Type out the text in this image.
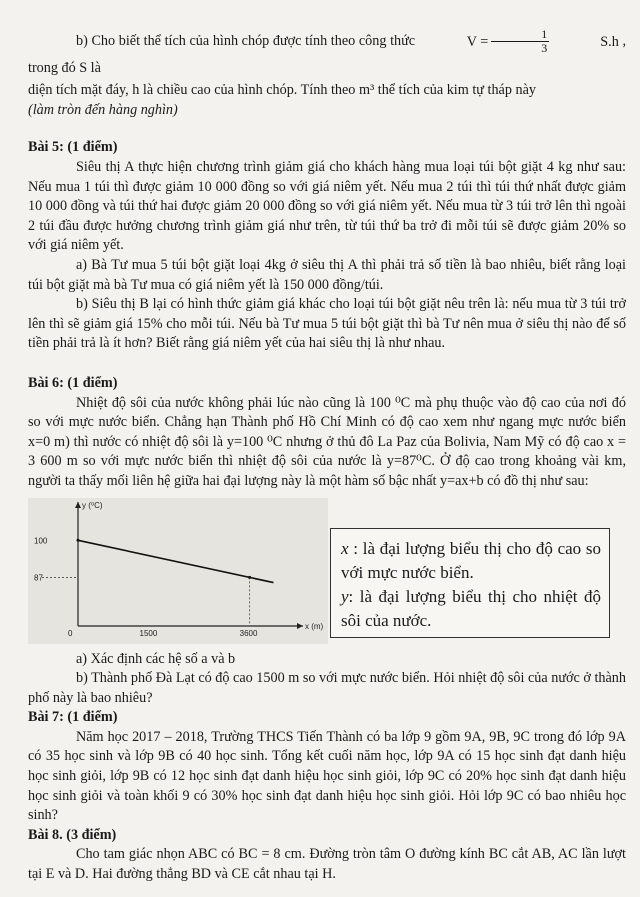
b) Cho biết thể tích của hình chóp được tính theo công thức	$V = \frac{1}{3}$	S.h , trong đó S là

diện tích mặt đáy, h là chiều cao của hình chóp. Tính theo m³ thể tích của kim tự tháp này

(làm tròn đến hàng nghìn)

Bài 5: (1 điểm)

Siêu thị A thực hiện chương trình giảm giá cho khách hàng mua loại túi bột giặt 4 kg như sau: Nếu mua 1 túi thì được giảm 10 000 đồng so với giá niêm yết. Nếu mua 2 túi thì túi thứ nhất được giảm 10 000 đồng và túi thứ hai được giảm 20 000 đồng so với giá niêm yết. Nếu mua từ 3 túi trở lên thì ngoài 2 túi đầu được hưởng chương trình giảm giá như trên, từ túi thứ ba trở đi mỗi túi sẽ được giảm 20% so với giá niêm yết.

a) Bà Tư mua 5 túi bột giặt loại 4kg ở siêu thị A thì phải trả số tiền là bao nhiêu, biết rằng loại túi bột giặt mà bà Tư mua có giá niêm yết là 150 000 đồng/túi.

b) Siêu thị B lại có hình thức giảm giá khác cho loại túi bột giặt nêu trên là: nếu mua từ 3 túi trở lên thì sẽ giảm giá 15% cho mỗi túi. Nếu bà Tư mua 5 túi bột giặt thì bà Tư nên mua ở siêu thị nào để số tiền phải trả là ít hơn? Biết rằng giá niêm yết của hai siêu thị là như nhau.

Bài 6: (1 điểm)

Nhiệt độ sôi của nước không phải lúc nào cũng là 100 ⁰C mà phụ thuộc vào độ cao của nơi đó so với mực nước biển. Chẳng hạn Thành phố Hồ Chí Minh có độ cao xem như ngang mực nước biển x=0 m) thì nước có nhiệt độ sôi là y=100 ⁰C nhưng ở thủ đô La Paz của Bolivia, Nam Mỹ có độ cao x = 3 600 m so với mực nước biển thì nhiệt độ sôi của nước là y=87⁰C. Ở độ cao trong khoảng vài km, người ta thấy mối liên hệ giữa hai đại lượng này là một hàm số bậc nhất y=ax+b có đồ thị như sau:

x (m)
y (⁰C)
100
87
0	1500	3600

x : là đại lượng biểu thị cho độ cao so với mực nước biển.

y: là đại lượng biểu thị cho nhiệt độ sôi của nước.

a) Xác định các hệ số a và b

b) Thành phố Đà Lạt có độ cao 1500 m so với mực nước biển. Hỏi nhiệt độ sôi của nước ở thành phố này là bao nhiêu?

Bài 7: (1 điểm)

Năm học 2017 – 2018, Trường THCS Tiến Thành có ba lớp 9 gồm 9A, 9B, 9C trong đó lớp 9A có 35 học sinh và lớp 9B có 40 học sinh. Tổng kết cuối năm học, lớp 9A có 15 học sinh đạt danh hiệu học sinh giỏi, lớp 9B có 12 học sinh đạt danh hiệu học sinh giỏi, lớp 9C có 20% học sinh đạt danh hiệu học sinh giỏi và toàn khối 9 có 30% học sinh đạt danh hiệu học sinh giỏi. Hỏi lớp 9C có bao nhiêu học sinh?

Bài 8. (3 điểm)

Cho tam giác nhọn ABC có BC = 8 cm. Đường tròn tâm O đường kính BC cắt AB, AC lần lượt tại E và D. Hai đường thẳng BD và CE cắt nhau tại H.
